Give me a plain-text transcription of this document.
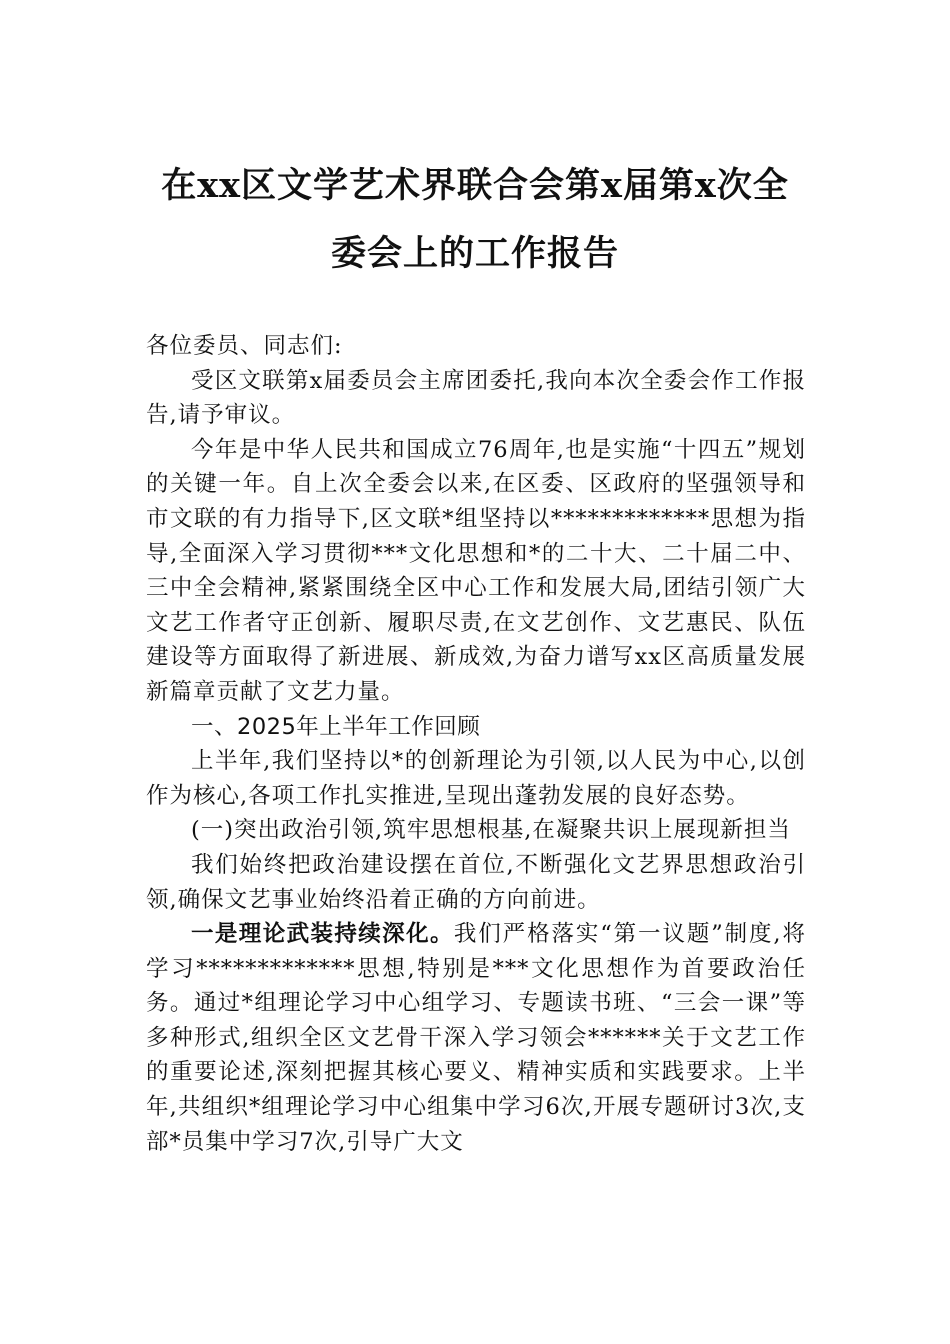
在xx区文学艺术界联合会第x届第x次全
委会上的工作报告

各位委员、同志们:

受区文联第x届委员会主席团委托,我向本次全委会作工作报告,请予审议。

今年是中华人民共和国成立76周年,也是实施“十四五”规划的关键一年。自上次全委会以来,在区委、区政府的坚强领导和市文联的有力指导下,区文联*组坚持以*************思想为指导,全面深入学习贯彻***文化思想和*的二十大、二十届二中、三中全会精神,紧紧围绕全区中心工作和发展大局,团结引领广大文艺工作者守正创新、履职尽责,在文艺创作、文艺惠民、队伍建设等方面取得了新进展、新成效,为奋力谱写xx区高质量发展新篇章贡献了文艺力量。

一、2025年上半年工作回顾

上半年,我们坚持以*的创新理论为引领,以人民为中心,以创作为核心,各项工作扎实推进,呈现出蓬勃发展的良好态势。

(一)突出政治引领,筑牢思想根基,在凝聚共识上展现新担当

我们始终把政治建设摆在首位,不断强化文艺界思想政治引领,确保文艺事业始终沿着正确的方向前进。

一是理论武装持续深化。我们严格落实“第一议题”制度,将学习*************思想,特别是***文化思想作为首要政治任务。通过*组理论学习中心组学习、专题读书班、“三会一课”等多种形式,组织全区文艺骨干深入学习领会******关于文艺工作的重要论述,深刻把握其核心要义、精神实质和实践要求。上半年,共组织*组理论学习中心组集中学习6次,开展专题研讨3次,支部*员集中学习7次,引导广大文
